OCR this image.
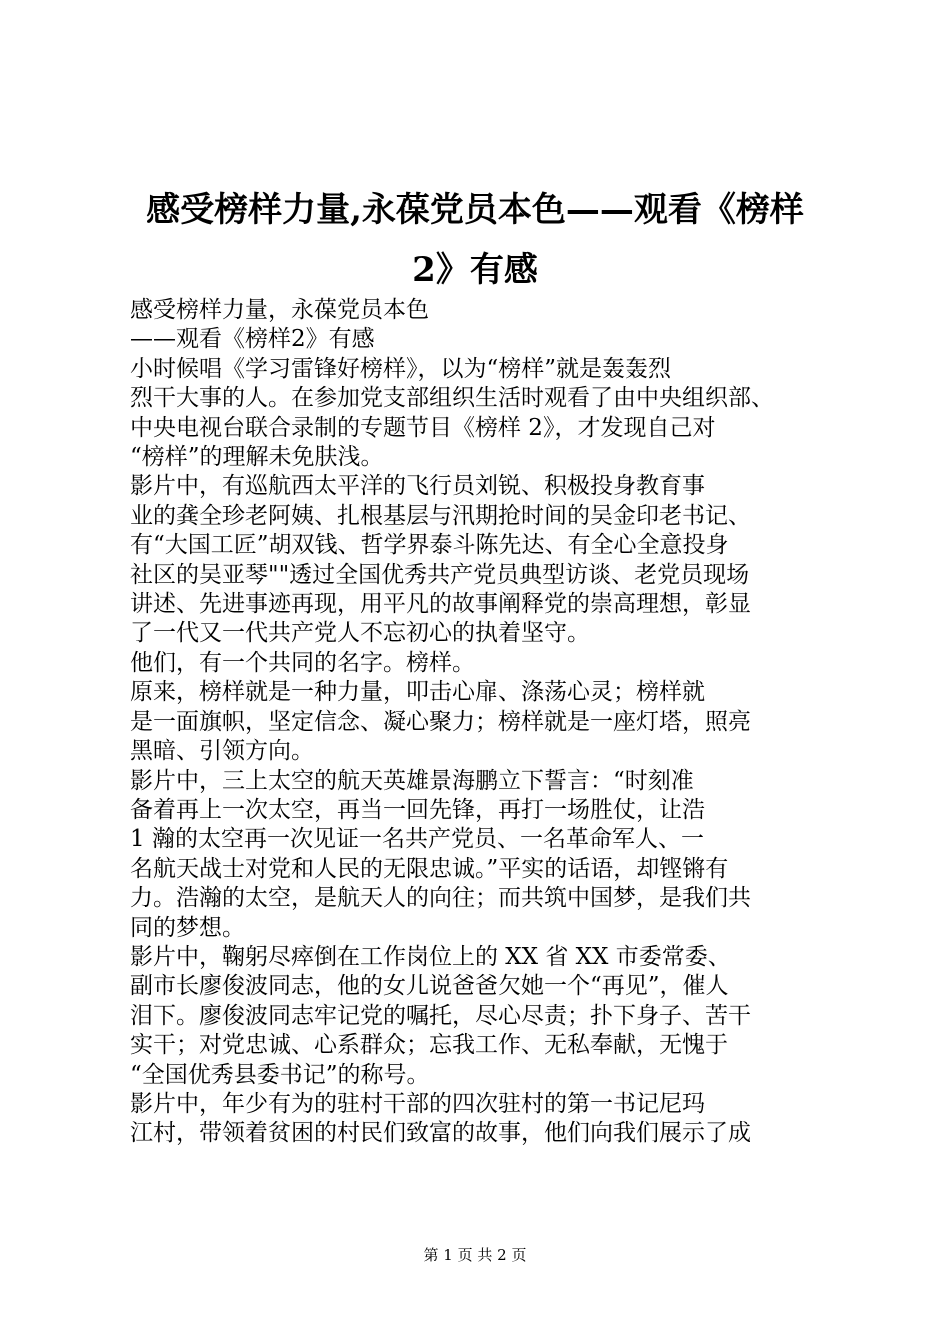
感受榜样力量,永葆党员本色——观看《榜样
2》有感

感受榜样力量，永葆党员本色

——观看《榜样2》有感

小时候唱《学习雷锋好榜样》，以为“榜样”就是轰轰烈
烈干大事的人。在参加党支部组织生活时观看了由中央组织部、
中央电视台联合录制的专题节目《榜样 2》，才发现自己对
“榜样”的理解未免肤浅。

影片中，有巡航西太平洋的飞行员刘锐、积极投身教育事
业的龚全珍老阿姨、扎根基层与汛期抢时间的吴金印老书记、
有“大国工匠”胡双钱、哲学界泰斗陈先达、有全心全意投身
社区的吴亚琴""透过全国优秀共产党员典型访谈、老党员现场
讲述、先进事迹再现，用平凡的故事阐释党的崇高理想，彰显
了一代又一代共产党人不忘初心的执着坚守。

他们，有一个共同的名字。榜样。

原来，榜样就是一种力量，叩击心扉、涤荡心灵；榜样就
是一面旗帜，坚定信念、凝心聚力；榜样就是一座灯塔，照亮
黑暗、引领方向。

影片中，三上太空的航天英雄景海鹏立下誓言：“时刻准
备着再上一次太空，再当一回先锋，再打一场胜仗，让浩

1 瀚的太空再一次见证一名共产党员、一名革命军人、一
名航天战士对党和人民的无限忠诚。”平实的话语，却铿锵有
力。浩瀚的太空，是航天人的向往；而共筑中国梦，是我们共
同的梦想。

影片中，鞠躬尽瘁倒在工作岗位上的 XX 省 XX 市委常委、
副市长廖俊波同志，他的女儿说爸爸欠她一个“再见”，催人
泪下。廖俊波同志牢记党的嘱托，尽心尽责；扑下身子、苦干
实干；对党忠诚、心系群众；忘我工作、无私奉献，无愧于
“全国优秀县委书记”的称号。

影片中，年少有为的驻村干部的四次驻村的第一书记尼玛
江村，带领着贫困的村民们致富的故事，他们向我们展示了成

第 1 页 共 2 页
